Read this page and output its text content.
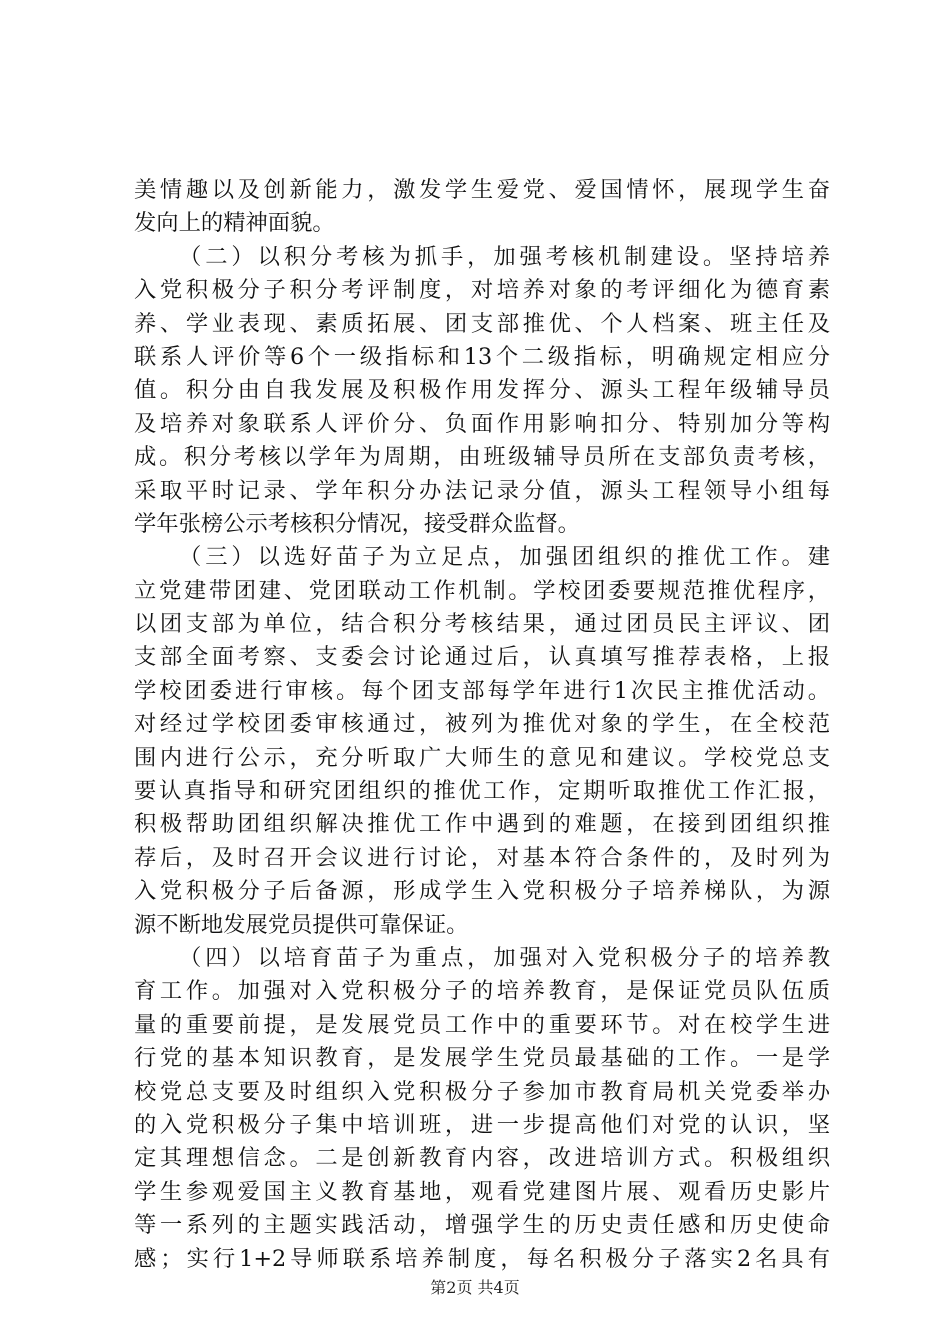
美情趣以及创新能力，激发学生爱党、爱国情怀，展现学生奋
发向上的精神面貌。
（二）以积分考核为抓手，加强考核机制建设。坚持培养
入党积极分子积分考评制度，对培养对象的考评细化为德育素
养、学业表现、素质拓展、团支部推优、个人档案、班主任及
联系人评价等6个一级指标和13个二级指标，明确规定相应分
值。积分由自我发展及积极作用发挥分、源头工程年级辅导员
及培养对象联系人评价分、负面作用影响扣分、特别加分等构
成。积分考核以学年为周期，由班级辅导员所在支部负责考核，
采取平时记录、学年积分办法记录分值，源头工程领导小组每
学年张榜公示考核积分情况，接受群众监督。
（三）以选好苗子为立足点，加强团组织的推优工作。建
立党建带团建、党团联动工作机制。学校团委要规范推优程序，
以团支部为单位，结合积分考核结果，通过团员民主评议、团
支部全面考察、支委会讨论通过后，认真填写推荐表格，上报
学校团委进行审核。每个团支部每学年进行1次民主推优活动。
对经过学校团委审核通过，被列为推优对象的学生，在全校范
围内进行公示，充分听取广大师生的意见和建议。学校党总支
要认真指导和研究团组织的推优工作，定期听取推优工作汇报，
积极帮助团组织解决推优工作中遇到的难题，在接到团组织推
荐后，及时召开会议进行讨论，对基本符合条件的，及时列为
入党积极分子后备源，形成学生入党积极分子培养梯队，为源
源不断地发展党员提供可靠保证。
（四）以培育苗子为重点，加强对入党积极分子的培养教
育工作。加强对入党积极分子的培养教育，是保证党员队伍质
量的重要前提，是发展党员工作中的重要环节。对在校学生进
行党的基本知识教育，是发展学生党员最基础的工作。一是学
校党总支要及时组织入党积极分子参加市教育局机关党委举办
的入党积极分子集中培训班，进一步提高他们对党的认识，坚
定其理想信念。二是创新教育内容，改进培训方式。积极组织
学生参观爱国主义教育基地，观看党建图片展、观看历史影片
等一系列的主题实践活动，增强学生的历史责任感和历史使命
感；实行1+2导师联系培养制度，每名积极分子落实2名具有
第2页 共4页
